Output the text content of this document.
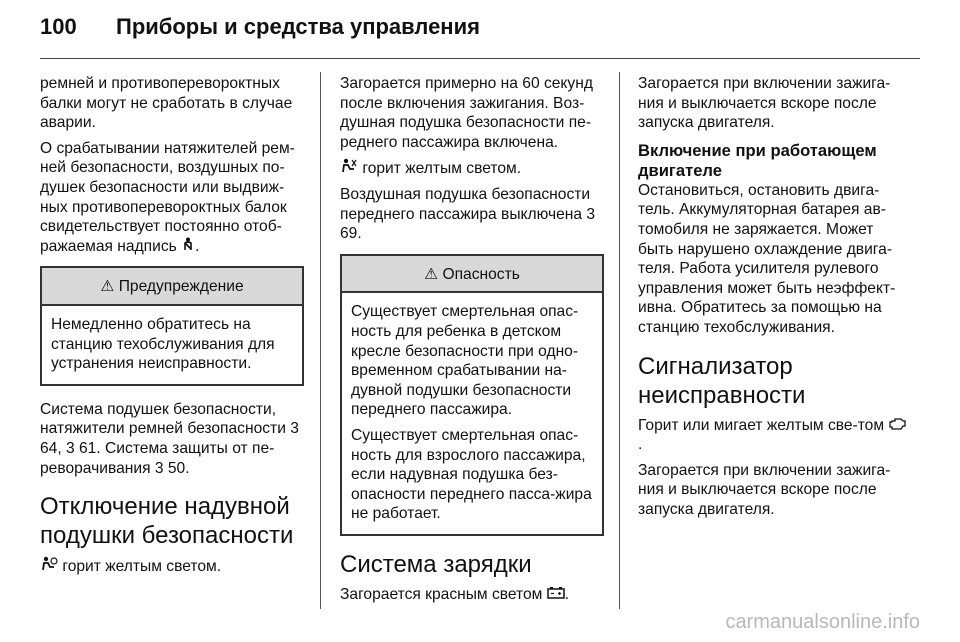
100	Приборы и средства управления
ремней и противоперевороктных балки могут не сработать в случае аварии.
О срабатывании натяжителей рем-ней безопасности, воздушных по-душек безопасности или выдвиж-ных противоперевороктных балок свидетельствует постоянно отоб-ражаемая надпись .
⚠ Предупреждение
Немедленно обратитесь на станцию техобслуживания для устранения неисправности.
Система подушек безопасности, натяжители ремней безопасности 3 64, 3 61. Система защиты от пе-реворачивания 3 50.
Отключение надувной подушки безопасности
горит желтым светом.
Загорается примерно на 60 секунд после включения зажигания. Воз-душная подушка безопасности пе-реднего пассажира включена.
горит желтым светом.
Воздушная подушка безопасности переднего пассажира выключена 3 69.
⚠ Опасность
Существует смертельная опас-ность для ребенка в детском кресле безопасности при одно-временном срабатывании на-дувной подушки безопасности переднего пассажира.
Существует смертельная опас-ность для взрослого пассажира, если надувная подушка без-опасности переднего пасса-жира не работает.
Система зарядки
Загорается красным светом .
Загорается при включении зажига-ния и выключается вскоре после запуска двигателя.
Включение при работающем двигателе
Остановиться, остановить двига-тель. Аккумуляторная батарея ав-томобиля не заряжается. Может быть нарушено охлаждение двига-теля. Работа усилителя рулевого управления может быть неэффект-ивна. Обратитесь за помощью на станцию техобслуживания.
Сигнализатор неисправности
Горит или мигает желтым све-том .
Загорается при включении зажига-ния и выключается вскоре после запуска двигателя.
carmanualsonline.info
